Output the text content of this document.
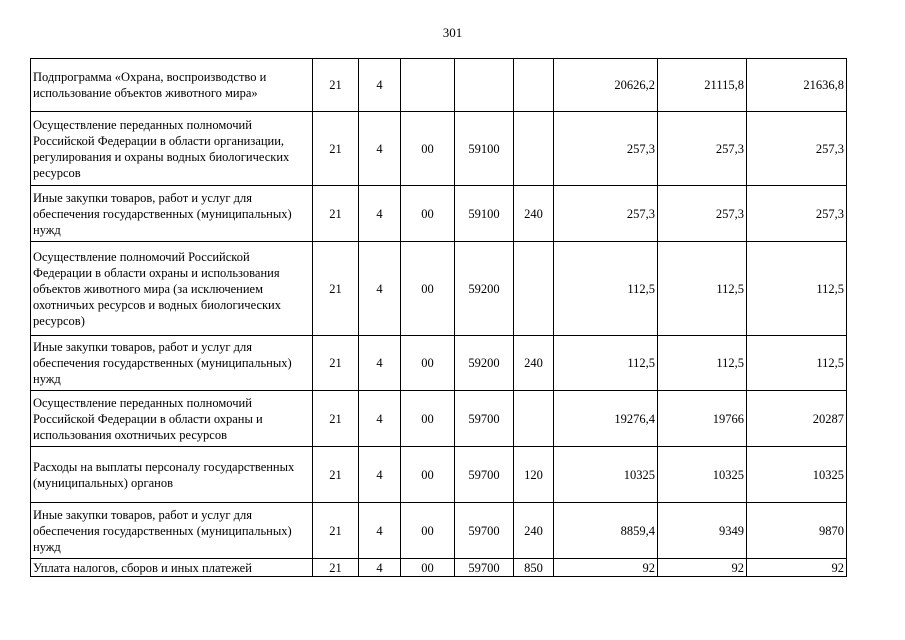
301
Подпрограмма «Охрана, воспроизводство и использование объектов животного мира»	21	4				20626,2	21115,8	21636,8
Осуществление переданных полномочий Российской Федерации в области организации, регулирования и охраны водных биологических ресурсов	21	4	00	59100		257,3	257,3	257,3
Иные закупки товаров, работ и услуг для обеспечения государственных (муниципальных) нужд	21	4	00	59100	240	257,3	257,3	257,3
Осуществление полномочий Российской Федерации в области охраны и использования объектов животного мира (за исключением охотничьих ресурсов и водных биологических ресурсов)	21	4	00	59200		112,5	112,5	112,5
Иные закупки товаров, работ и услуг для обеспечения государственных (муниципальных) нужд	21	4	00	59200	240	112,5	112,5	112,5
Осуществление переданных полномочий Российской Федерации в области охраны и использования охотничьих ресурсов	21	4	00	59700		19276,4	19766	20287
Расходы на выплаты персоналу государственных (муниципальных) органов	21	4	00	59700	120	10325	10325	10325
Иные закупки товаров, работ и услуг для обеспечения государственных (муниципальных) нужд	21	4	00	59700	240	8859,4	9349	9870
Уплата налогов, сборов и иных платежей	21	4	00	59700	850	92	92	92
